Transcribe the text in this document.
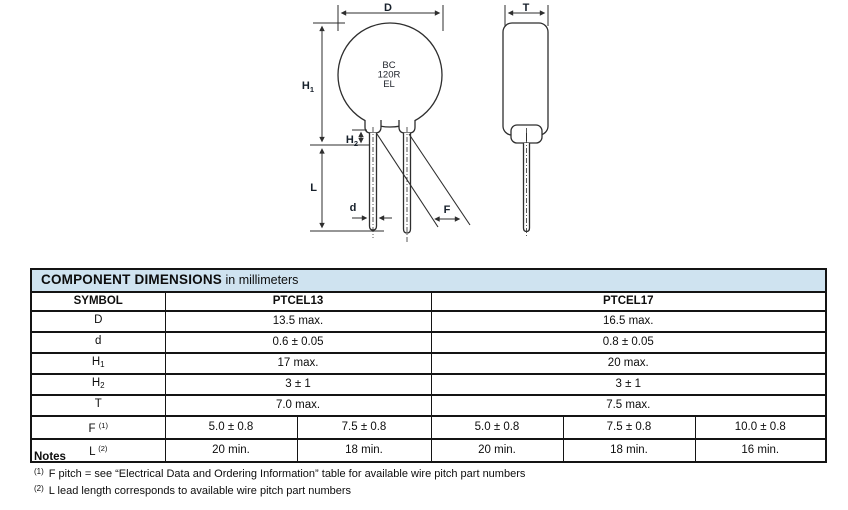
D
$H_1$
$H_2$
L
d	F
BC 120R EL
T
COMPONENT DIMENSIONS in millimeters					
SYMBOL	PTCEL13		PTCEL17		
D	13.5 max.		16.5 max.		
d	0.6 ± 0.05		0.8 ± 0.05		
$H_1$	17 max.		20 max.		
$H_2$	3 ± 1		3 ± 1		
T	7.0 max.		7.5 max.		
F $^{(1)}$	5.0 ± 0.8	7.5 ± 0.8	5.0 ± 0.8	7.5 ± 0.8	10.0 ± 0.8
L $^{(2)}$	20 min.	18 min.	20 min.	18 min.	16 min.
Notes
$^{(1)}$ F pitch = see “Electrical Data and Ordering Information” table for available wire pitch part numbers
$^{(2)}$ L lead length corresponds to available wire pitch part numbers
